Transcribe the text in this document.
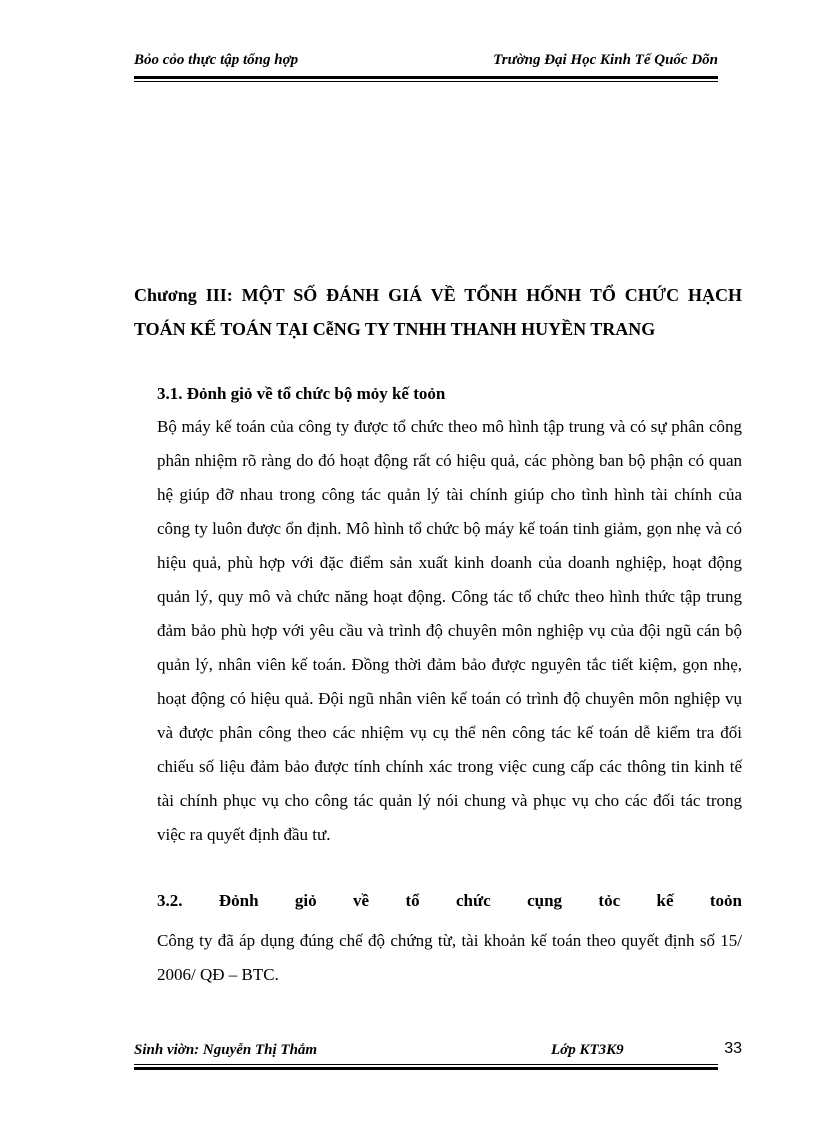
Bỏo cỏo thực tập tổng hợp	Trường Đại Học Kinh Tế Quốc Dõn
Chương III: MỘT SỐ ĐÁNH GIÁ VỀ TỔNH HỐNH TỔ CHỨC HẠCH
TOÁN KẾ TOÁN TẠI CễNG TY TNHH THANH HUYỀN TRANG
3.1. Đỏnh giỏ về tổ chức bộ mỏy kế toỏn
Bộ máy kế toán của công ty được tổ chức theo mô hình tập trung và có sự phân công phân nhiệm rõ ràng do đó hoạt động rất có hiệu quả, các phòng ban bộ phận có quan hệ giúp đỡ nhau trong công tác quản lý tài chính giúp cho tình hình tài chính của công ty luôn được ổn định. Mô hình tổ chức bộ máy kế toán tinh giảm, gọn nhẹ và có hiệu quả, phù hợp với đặc điểm sản xuất kinh doanh của doanh nghiệp, hoạt động quản lý, quy mô và chức năng hoạt động. Công tác tổ chức theo hình thức tập trung đảm bảo phù hợp với yêu cầu và trình độ chuyên môn nghiệp vụ của đội ngũ cán bộ quản lý, nhân viên kế toán. Đồng thời đảm bảo được nguyên tắc tiết kiệm, gọn nhẹ, hoạt động có hiệu quả. Đội ngũ nhân viên kế toán có trình độ chuyên môn nghiệp vụ và được phân công theo các nhiệm vụ cụ thể nên công tác kế toán dễ kiểm tra đối chiếu số liệu đảm bảo được tính chính xác trong việc cung cấp các thông tin kinh tế tài chính phục vụ cho công tác quản lý nói chung và phục vụ cho các đối tác trong việc ra quyết định đầu tư.
3.2. Đỏnh giỏ về tổ chức cụng tỏc kế toỏn
Công ty đã áp dụng đúng chế độ chứng từ, tài khoản kế toán theo quyết định số 15/ 2006/ QĐ – BTC.
Sinh viờn: Nguyễn Thị Thắm	Lớp KT3K9	33
